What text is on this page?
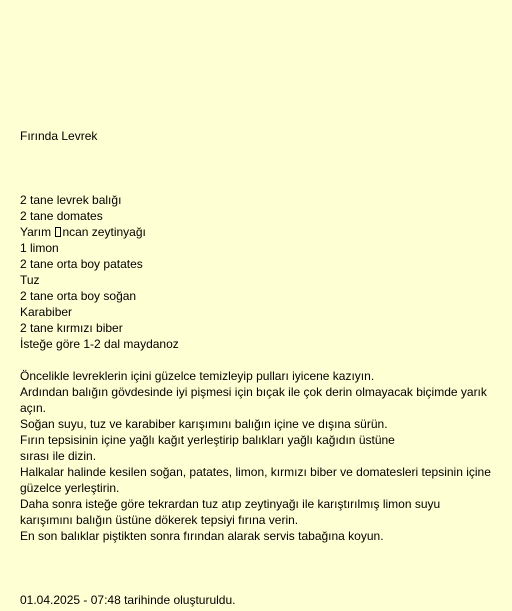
Fırında Levrek

2 tane levrek balığı
2 tane domates
Yarım ncan zeytinyağı
1 limon
2 tane orta boy patates
Tuz
2 tane orta boy soğan
Karabiber
2 tane kırmızı biber
İsteğe göre 1-2 dal maydanoz
Öncelikle levreklerin içini güzelce temizleyip pulları iyicene kazıyın.
Ardından balığın gövdesinde iyi pişmesi için bıçak ile çok derin olmayacak biçimde yarık açın.
Soğan suyu, tuz ve karabiber karışımını balığın içine ve dışına sürün.
Fırın tepsisinin içine yağlı kağıt yerleştirip balıkları yağlı kağıdın üstüne
sırası ile dizin.
Halkalar halinde kesilen soğan, patates, limon, kırmızı biber ve domatesleri tepsinin içine güzelce yerleştirin.
Daha sonra isteğe göre tekrardan tuz atıp zeytinyağı ile karıştırılmış limon suyu karışımını balığın üstüne dökerek tepsiyi fırına verin.
En son balıklar piştikten sonra fırından alarak servis tabağına koyun.

01.04.2025 - 07:48 tarihinde oluşturuldu.
